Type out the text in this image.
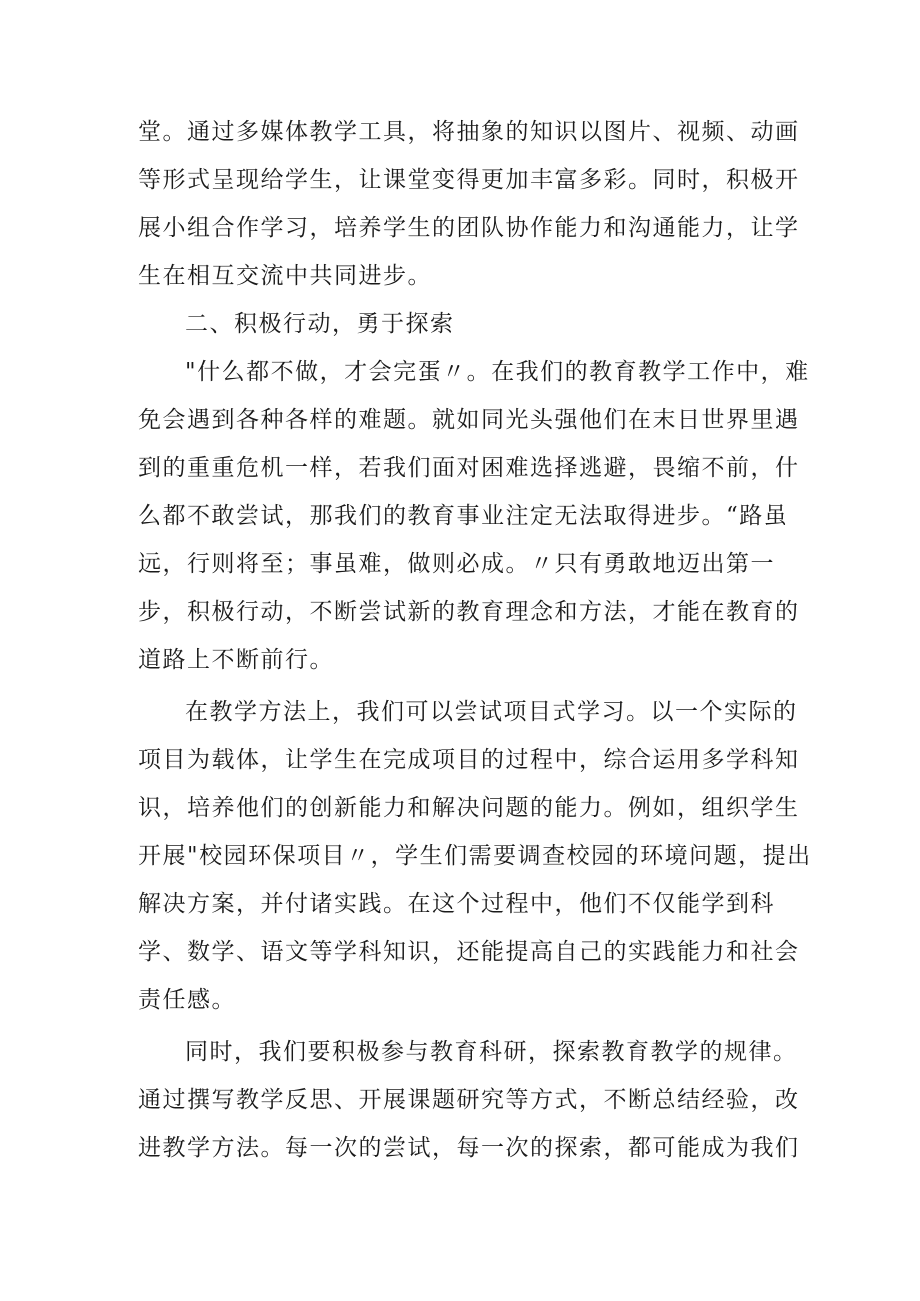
堂。通过多媒体教学工具，将抽象的知识以图片、视频、动画
等形式呈现给学生，让课堂变得更加丰富多彩。同时，积极开
展小组合作学习，培养学生的团队协作能力和沟通能力，让学
生在相互交流中共同进步。
二、积极行动，勇于探索
"什么都不做，才会完蛋〃。在我们的教育教学工作中，难
免会遇到各种各样的难题。就如同光头强他们在末日世界里遇
到的重重危机一样，若我们面对困难选择逃避，畏缩不前，什
么都不敢尝试，那我们的教育事业注定无法取得进步。“路虽
远，行则将至；事虽难，做则必成。〃只有勇敢地迈出第一
步，积极行动，不断尝试新的教育理念和方法，才能在教育的
道路上不断前行。
在教学方法上，我们可以尝试项目式学习。以一个实际的
项目为载体，让学生在完成项目的过程中，综合运用多学科知
识，培养他们的创新能力和解决问题的能力。例如，组织学生
开展"校园环保项目〃，学生们需要调查校园的环境问题，提出
解决方案，并付诸实践。在这个过程中，他们不仅能学到科
学、数学、语文等学科知识，还能提高自己的实践能力和社会
责任感。
同时，我们要积极参与教育科研，探索教育教学的规律。
通过撰写教学反思、开展课题研究等方式，不断总结经验，改
进教学方法。每一次的尝试，每一次的探索，都可能成为我们
